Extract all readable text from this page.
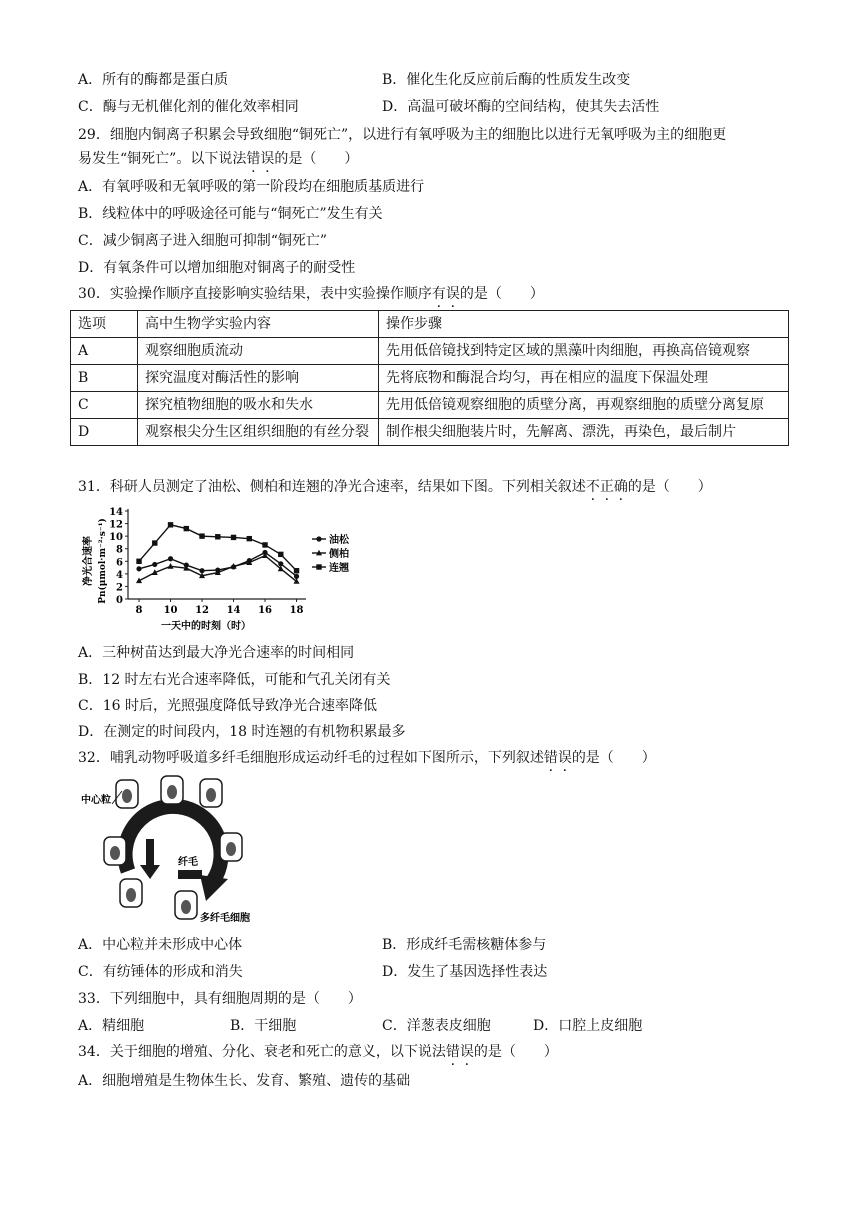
A．所有的酶都是蛋白质	B．催化生化反应前后酶的性质发生改变
C．酶与无机催化剂的催化效率相同	D．高温可破坏酶的空间结构，使其失去活性
29．细胞内铜离子积累会导致细胞“铜死亡”，以进行有氧呼吸为主的细胞比以进行无氧呼吸为主的细胞更
易发生“铜死亡”。以下说法错误的是（　　）
A．有氧呼吸和无氧呼吸的第一阶段均在细胞质基质进行
B．线粒体中的呼吸途径可能与“铜死亡”发生有关
C．减少铜离子进入细胞可抑制“铜死亡”
D．有氧条件可以增加细胞对铜离子的耐受性
30．实验操作顺序直接影响实验结果，表中实验操作顺序有误的是（　　）
选项	高中生物学实验内容	操作步骤
A	观察细胞质流动	先用低倍镜找到特定区域的黑藻叶肉细胞，再换高倍镜观察
B	探究温度对酶活性的影响	先将底物和酶混合均匀，再在相应的温度下保温处理
C	探究植物细胞的吸水和失水	先用低倍镜观察细胞的质壁分离，再观察细胞的质壁分离复原
D	观察根尖分生区组织细胞的有丝分裂	制作根尖细胞装片时，先解离、漂洗，再染色，最后制片
31．科研人员测定了油松、侧柏和连翘的净光合速率，结果如下图。下列相关叙述不正确的是（　　）
0
2
4
6
8
10
12
14
8 10 12 14 16 18
油松
侧柏
连翘
净光合速率 Pn(μmol·m⁻²·s⁻¹)
一天中的时刻（时）
A．三种树苗达到最大净光合速率的时间相同
B．12 时左右光合速率降低，可能和气孔关闭有关
C．16 时后，光照强度降低导致净光合速率降低
D．在测定的时间段内，18 时连翘的有机物积累最多
32．哺乳动物呼吸道多纤毛细胞形成运动纤毛的过程如下图所示，下列叙述错误的是（　　）
中心粒
纤毛
多纤毛细胞
A．中心粒并未形成中心体	B．形成纤毛需核糖体参与
C．有纺锤体的形成和消失	D．发生了基因选择性表达
33．下列细胞中，具有细胞周期的是（　　）
A．精细胞	B．干细胞	C．洋葱表皮细胞	D．口腔上皮细胞
34．关于细胞的增殖、分化、衰老和死亡的意义，以下说法错误的是（　　）
A．细胞增殖是生物体生长、发育、繁殖、遗传的基础
